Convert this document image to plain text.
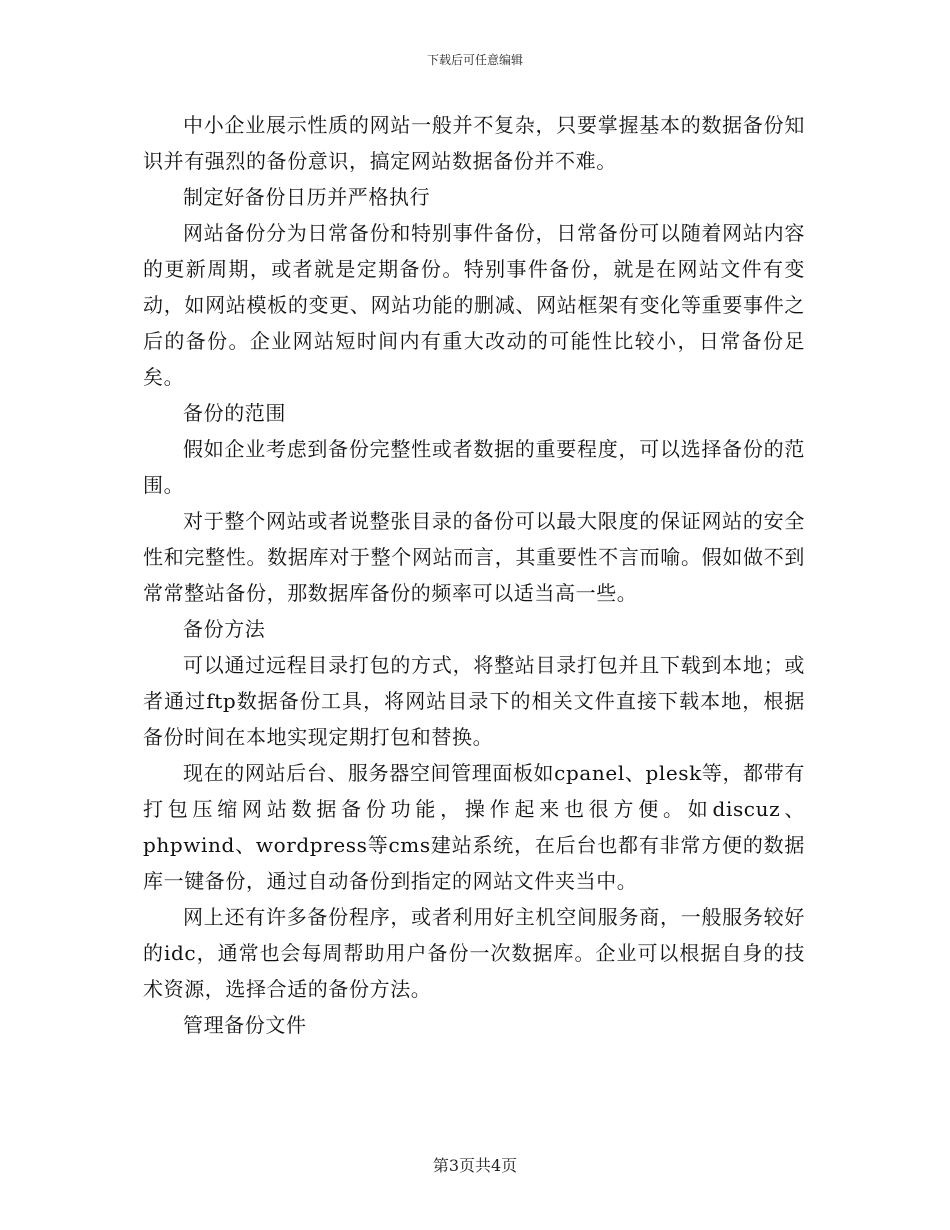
下载后可任意编辑

中小企业展示性质的网站一般并不复杂，只要掌握基本的数据备份知识并有强烈的备份意识，搞定网站数据备份并不难。

制定好备份日历并严格执行

网站备份分为日常备份和特别事件备份，日常备份可以随着网站内容的更新周期，或者就是定期备份。特别事件备份，就是在网站文件有变动，如网站模板的变更、网站功能的删减、网站框架有变化等重要事件之后的备份。企业网站短时间内有重大改动的可能性比较小，日常备份足矣。

备份的范围

假如企业考虑到备份完整性或者数据的重要程度，可以选择备份的范围。

对于整个网站或者说整张目录的备份可以最大限度的保证网站的安全性和完整性。数据库对于整个网站而言，其重要性不言而喻。假如做不到常常整站备份，那数据库备份的频率可以适当高一些。

备份方法

可以通过远程目录打包的方式，将整站目录打包并且下载到本地；或者通过ftp数据备份工具，将网站目录下的相关文件直接下载本地，根据备份时间在本地实现定期打包和替换。

现在的网站后台、服务器空间管理面板如cpanel、plesk等，都带有打包压缩网站数据备份功能，操作起来也很方便。如discuz、phpwind、wordpress等cms建站系统，在后台也都有非常方便的数据库一键备份，通过自动备份到指定的网站文件夹当中。

网上还有许多备份程序，或者利用好主机空间服务商，一般服务较好的idc，通常也会每周帮助用户备份一次数据库。企业可以根据自身的技术资源，选择合适的备份方法。

管理备份文件

第3页共4页
